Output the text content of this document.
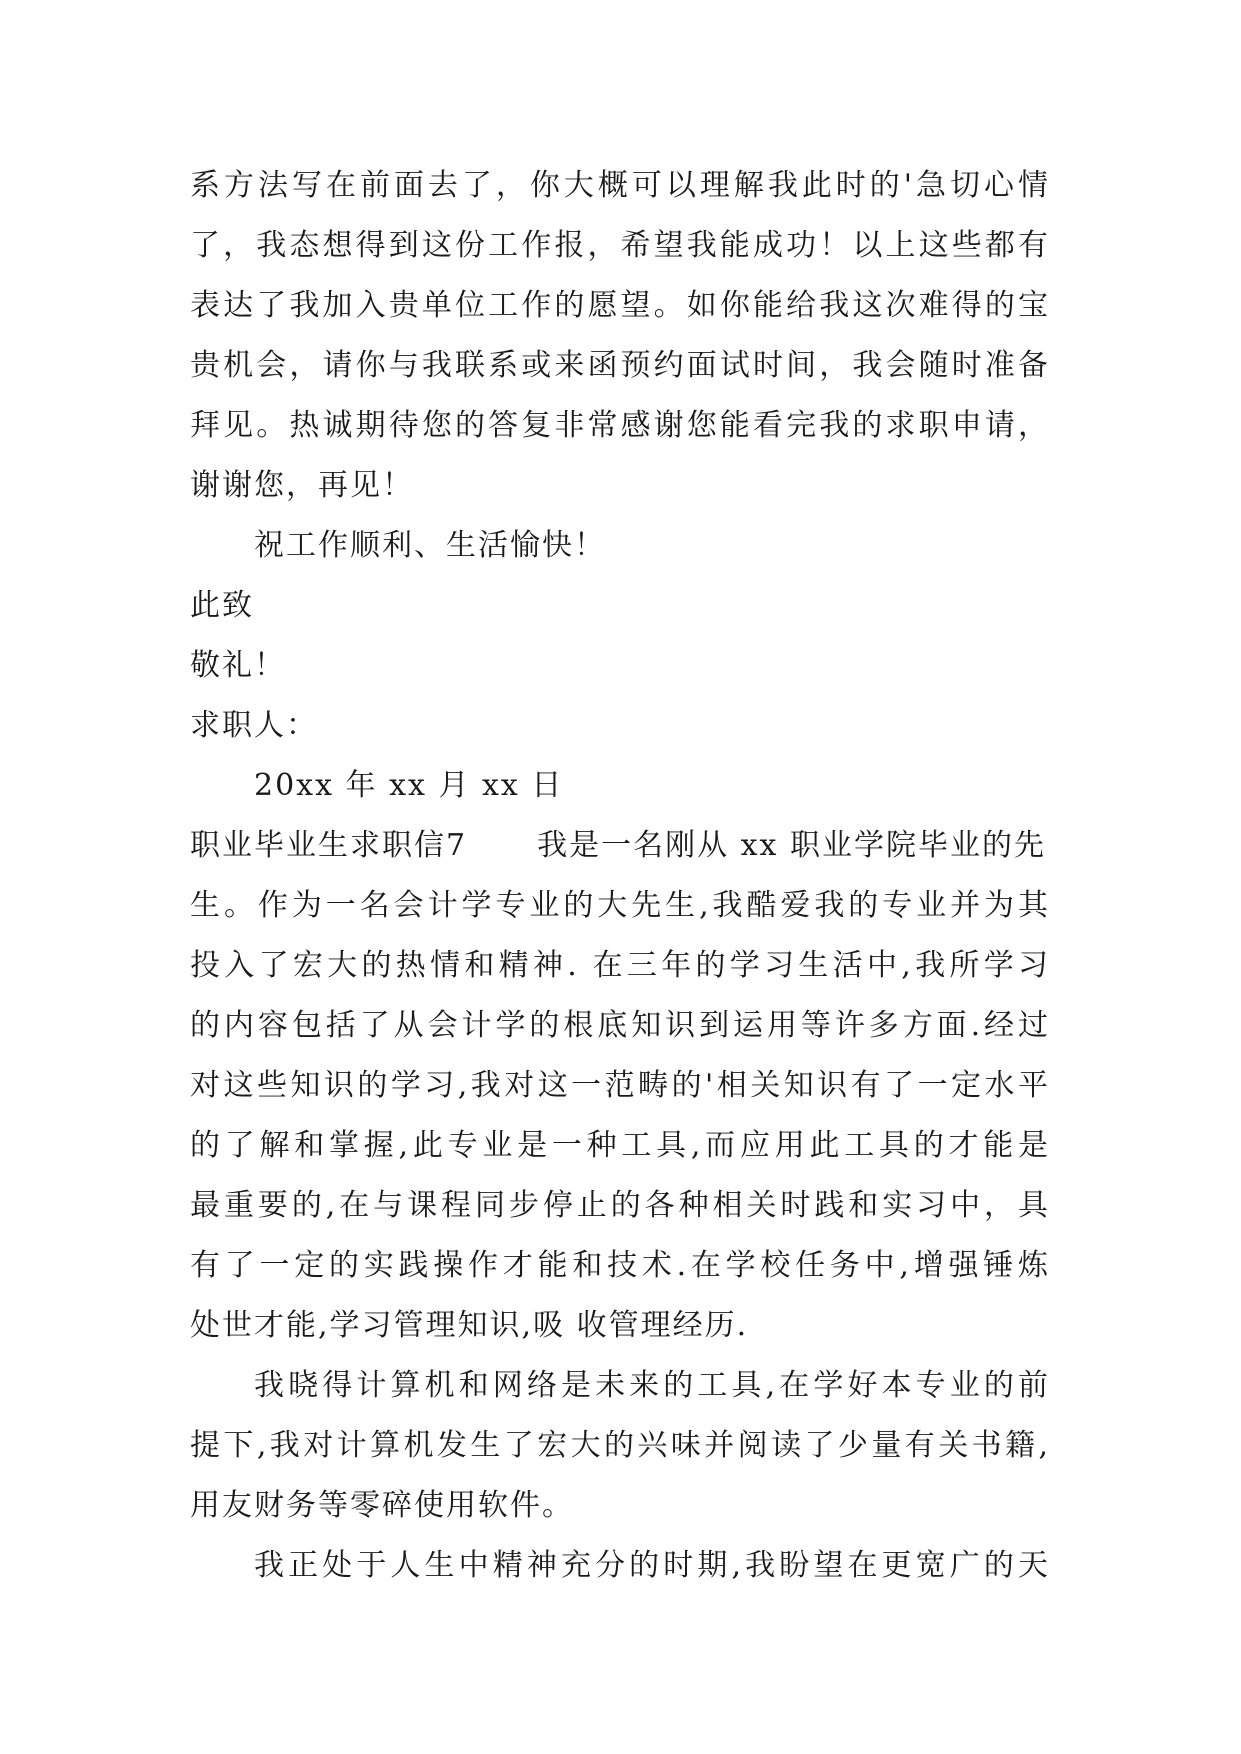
系方法写在前面去了，你大概可以理解我此时的'急切心情
了，我态想得到这份工作报，希望我能成功！以上这些都有
表达了我加入贵单位工作的愿望。如你能给我这次难得的宝
贵机会，请你与我联系或来函预约面试时间，我会随时准备
拜见。热诚期待您的答复非常感谢您能看完我的求职申请，
谢谢您，再见！
祝工作顺利、生活愉快！
此致
敬礼！
求职人：
20xx 年 xx 月 xx 日
职业毕业生求职信7 我是一名刚从 xx 职业学院毕业的先
生。作为一名会计学专业的大先生,我酷爱我的专业并为其
投入了宏大的热情和精神. 在三年的学习生活中,我所学习
的内容包括了从会计学的根底知识到运用等许多方面.经过
对这些知识的学习,我对这一范畴的'相关知识有了一定水平
的了解和掌握,此专业是一种工具,而应用此工具的才能是
最重要的,在与课程同步停止的各种相关时践和实习中，具
有了一定的实践操作才能和技术.在学校任务中,增强锤炼
处世才能,学习管理知识,吸 收管理经历.
我晓得计算机和网络是未来的工具,在学好本专业的前
提下,我对计算机发生了宏大的兴味并阅读了少量有关书籍,
用友财务等零碎使用软件。
我正处于人生中精神充分的时期,我盼望在更宽广的天
